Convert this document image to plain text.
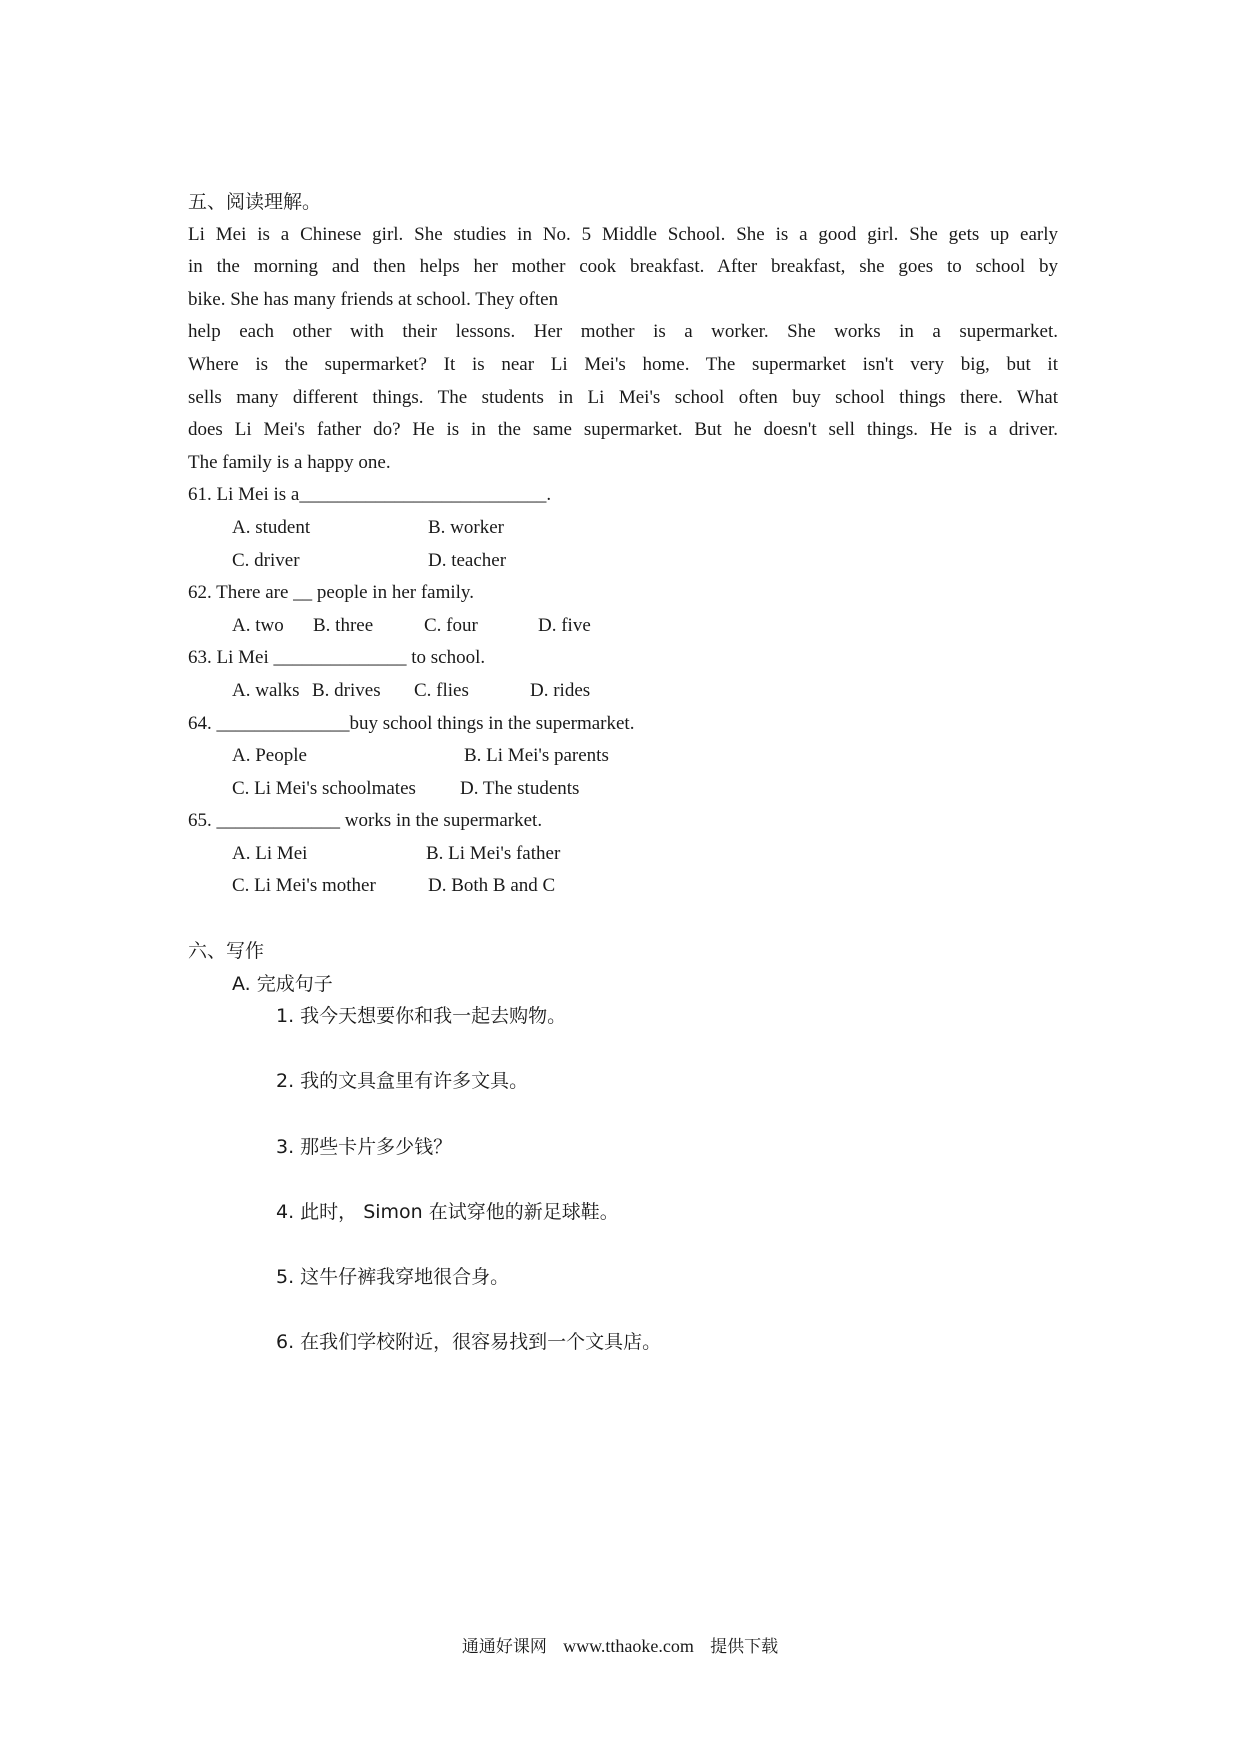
五、阅读理解。
Li Mei is a Chinese girl. She studies in No. 5 Middle School. She is a good girl. She gets up early
in the morning and then helps her mother cook breakfast. After breakfast, she goes to school by
bike. She has many friends at school. They often
help each other with their lessons. Her mother is a worker. She works in a supermarket.
Where is the supermarket? It is near Li Mei's home. The supermarket isn't very big, but it
sells many different things. The students in Li Mei's school often buy school things there. What
does Li Mei's father do? He is in the same supermarket. But he doesn't sell things. He is a driver.
The family is a happy one.
61. Li Mei is a__________________________.
A. student	B. worker
C. driver	D. teacher
62. There are __ people in her family.
A. two B. three	C. four	D. five
63. Li Mei ______________ to school.
A. walks B. drives C. flies	D. rides
64. ______________buy school things in the supermarket.
A. People	B. Li Mei's parents
C. Li Mei's schoolmates D. The students
65. _____________ works in the supermarket.
A. Li Mei	B. Li Mei's father
C. Li Mei's mother	D. Both B and C
六、写作
A. 完成句子
1. 我今天想要你和我一起去购物。
2. 我的文具盒里有许多文具。
3. 那些卡片多少钱？
4. 此时， Simon 在试穿他的新足球鞋。
5. 这牛仔裤我穿地很合身。
6. 在我们学校附近，很容易找到一个文具店。
通通好课网 www.tthaoke.com 提供下载
